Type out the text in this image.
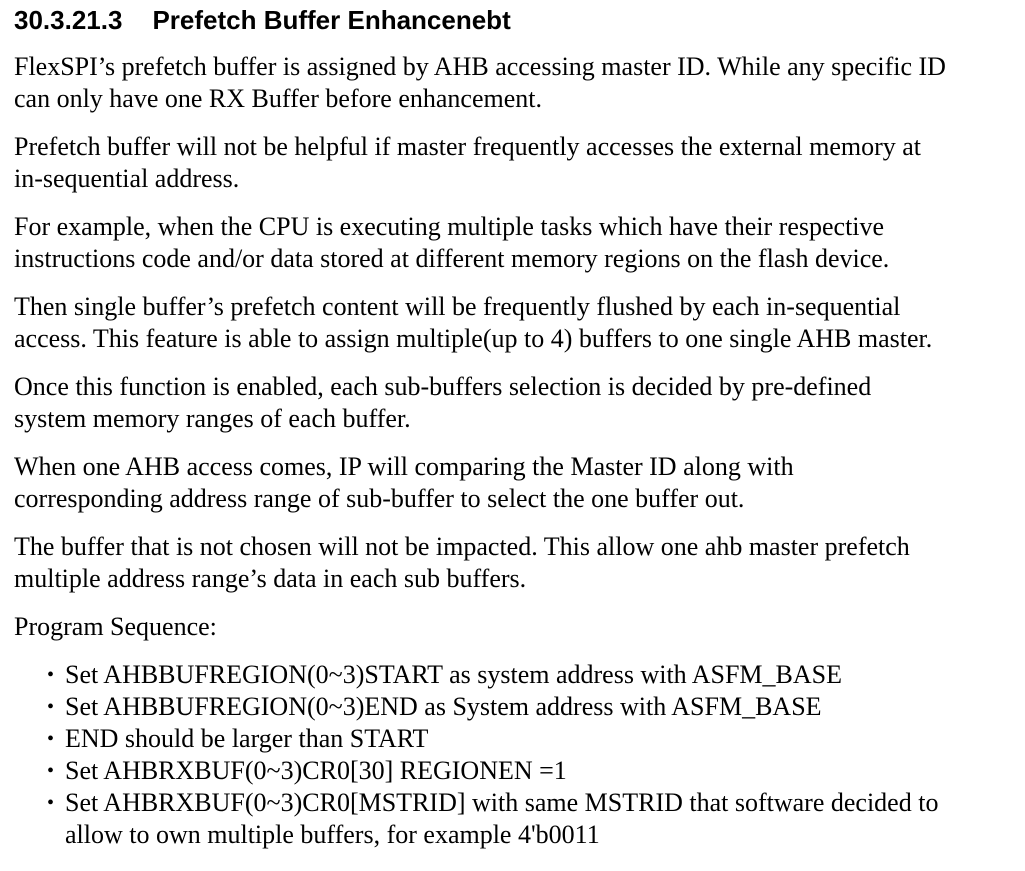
30.3.21.3 Prefetch Buffer Enhancenebt

FlexSPI’s prefetch buffer is assigned by AHB accessing master ID. While any specific ID
can only have one RX Buffer before enhancement.

Prefetch buffer will not be helpful if master frequently accesses the external memory at
in-sequential address.

For example, when the CPU is executing multiple tasks which have their respective
instructions code and/or data stored at different memory regions on the flash device.

Then single buffer’s prefetch content will be frequently flushed by each in-sequential
access. This feature is able to assign multiple(up to 4) buffers to one single AHB master.

Once this function is enabled, each sub-buffers selection is decided by pre-defined
system memory ranges of each buffer.

When one AHB access comes, IP will comparing the Master ID along with
corresponding address range of sub-buffer to select the one buffer out.

The buffer that is not chosen will not be impacted. This allow one ahb master prefetch
multiple address range’s data in each sub buffers.

Program Sequence:

• Set AHBBUFREGION(0~3)START as system address with ASFM_BASE
• Set AHBBUFREGION(0~3)END as System address with ASFM_BASE
• END should be larger than START
• Set AHBRXBUF(0~3)CR0[30] REGIONEN =1
• Set AHBRXBUF(0~3)CR0[MSTRID] with same MSTRID that software decided to
allow to own multiple buffers, for example 4'b0011
